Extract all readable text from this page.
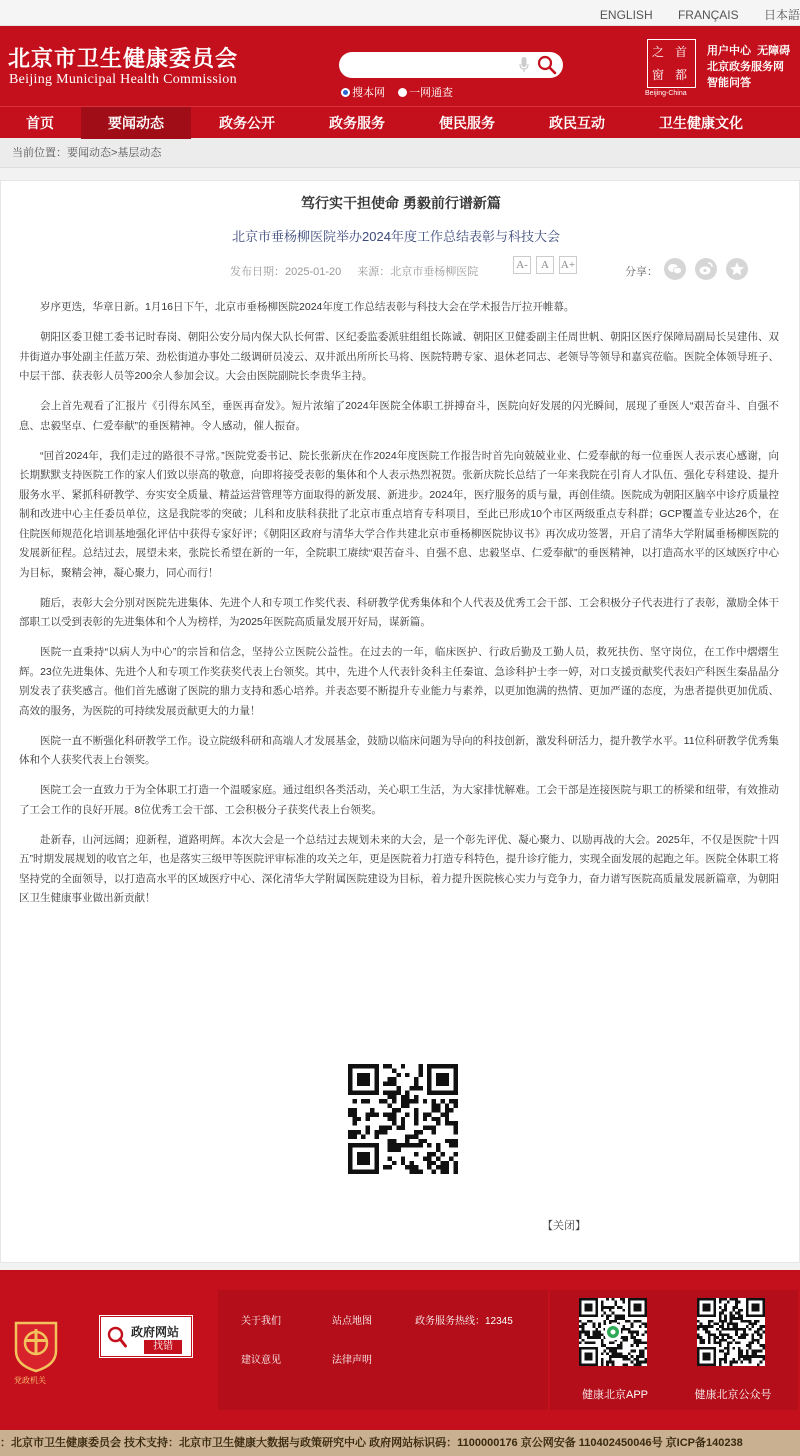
ENGLISH FRANÇAIS 日本語
北京市卫生健康委员会
Beijing Municipal Health Commission
搜本网 一网通查
之 首
窗 都
Beijing-China
用户中心 无障碍
北京政务服务网
智能问答
首页	要闻动态	政务公开	政务服务	便民服务	政民互动	卫生健康文化
当前位置：要闻动态>基层动态
笃行实干担使命 勇毅前行谱新篇
北京市垂杨柳医院举办2024年度工作总结表彰与科技大会
发布日期：2025-01-20 来源：北京市垂杨柳医院
A-	A	A+
分享：

岁序更迭，华章日新。1月16日下午，北京市垂杨柳医院2024年度工作总结表彰与科技大会在学术报告厅拉开帷幕。

朝阳区委卫健工委书记时春岗、朝阳公安分局内保大队长何雷、区纪委监委派驻组组长陈诚、朝阳区卫健委副主任周世帆、朝阳区医疗保障局副局长吴建伟、双井街道办事处副主任蓝万荣、劲松街道办事处二级调研员凌云、双井派出所所长马将、医院特聘专家、退休老同志、老领导等领导和嘉宾莅临。医院全体领导班子、中层干部、获表彰人员等200余人参加会议。大会由医院副院长李贵华主持。

会上首先观看了汇报片《引得东风至，垂医再奋发》。短片浓缩了2024年医院全体职工拼搏奋斗，医院向好发展的闪光瞬间，展现了垂医人“艰苦奋斗、自强不息、忠毅坚卓、仁爱奉献”的垂医精神。令人感动，催人振奋。

“回首2024年，我们走过的路很不寻常。”医院党委书记、院长张新庆在作2024年度医院工作报告时首先向兢兢业业、仁爱奉献的每一位垂医人表示衷心感谢，向长期默默支持医院工作的家人们致以崇高的敬意，向即将接受表彰的集体和个人表示热烈祝贺。张新庆院长总结了一年来我院在引育人才队伍、强化专科建设、提升服务水平、紧抓科研教学、夯实安全质量、精益运营管理等方面取得的新发展、新进步。2024年，医疗服务的质与量，再创佳绩。医院成为朝阳区脑卒中诊疗质量控制和改进中心主任委员单位，这是我院零的突破；儿科和皮肤科获批了北京市重点培育专科项目，至此已形成10个市区两级重点专科群；GCP覆盖专业达26个，在住院医师规范化培训基地强化评估中获得专家好评；《朝阳区政府与清华大学合作共建北京市垂杨柳医院协议书》再次成功签署，开启了清华大学附属垂杨柳医院的发展新征程。总结过去，展望未来，张院长希望在新的一年，全院职工赓续“艰苦奋斗、自强不息、忠毅坚卓、仁爱奉献”的垂医精神，以打造高水平的区域医疗中心为目标，聚精会神，凝心聚力，同心而行！

随后，表彰大会分别对医院先进集体、先进个人和专项工作奖代表、科研教学优秀集体和个人代表及优秀工会干部、工会积极分子代表进行了表彰，激励全体干部职工以受到表彰的先进集体和个人为榜样，为2025年医院高质量发展开好局，谋新篇。

医院一直秉持“以病人为中心”的宗旨和信念，坚持公立医院公益性。在过去的一年，临床医护、行政后勤及工勤人员，救死扶伤、坚守岗位，在工作中熠熠生辉。23位先进集体、先进个人和专项工作奖获奖代表上台领奖。其中，先进个人代表针灸科主任秦谊、急诊科护士李一婷，对口支援贡献奖代表妇产科医生秦晶晶分别发表了获奖感言。他们首先感谢了医院的鼎力支持和悉心培养。并表态要不断提升专业能力与素养，以更加饱满的热情、更加严谨的态度，为患者提供更加优质、高效的服务，为医院的可持续发展贡献更大的力量！

医院一直不断强化科研教学工作。设立院级科研和高端人才发展基金，鼓励以临床问题为导向的科技创新，激发科研活力，提升教学水平。11位科研教学优秀集体和个人获奖代表上台领奖。

医院工会一直致力于为全体职工打造一个温暖家庭。通过组织各类活动，关心职工生活，为大家排忧解难。工会干部是连接医院与职工的桥梁和纽带，有效推动了工会工作的良好开展。8位优秀工会干部、工会积极分子获奖代表上台领奖。

赴新春，山河远阔；迎新程，道路明辉。本次大会是一个总结过去规划未来的大会，是一个彰先评优、凝心聚力、以励再战的大会。2025年，不仅是医院“十四五”时期发展规划的收官之年，也是落实三级甲等医院评审标准的攻关之年，更是医院着力打造专科特色，提升诊疗能力，实现全面发展的起跑之年。医院全体职工将坚持党的全面领导，以打造高水平的区域医疗中心、深化清华大学附属医院建设为目标，着力提升医院核心实力与竞争力，奋力谱写医院高质量发展新篇章，为朝阳区卫生健康事业做出新贡献！

【关闭】
党政机关
政府网站
找错
关于我们	站点地图	政务服务热线：12345
建议意见	法律声明
健康北京APP	健康北京公众号
：北京市卫生健康委员会 技术支持：北京市卫生健康大数据与政策研究中心 政府网站标识码：1100000176 京公网安备 110402450046号 京ICP备140238
